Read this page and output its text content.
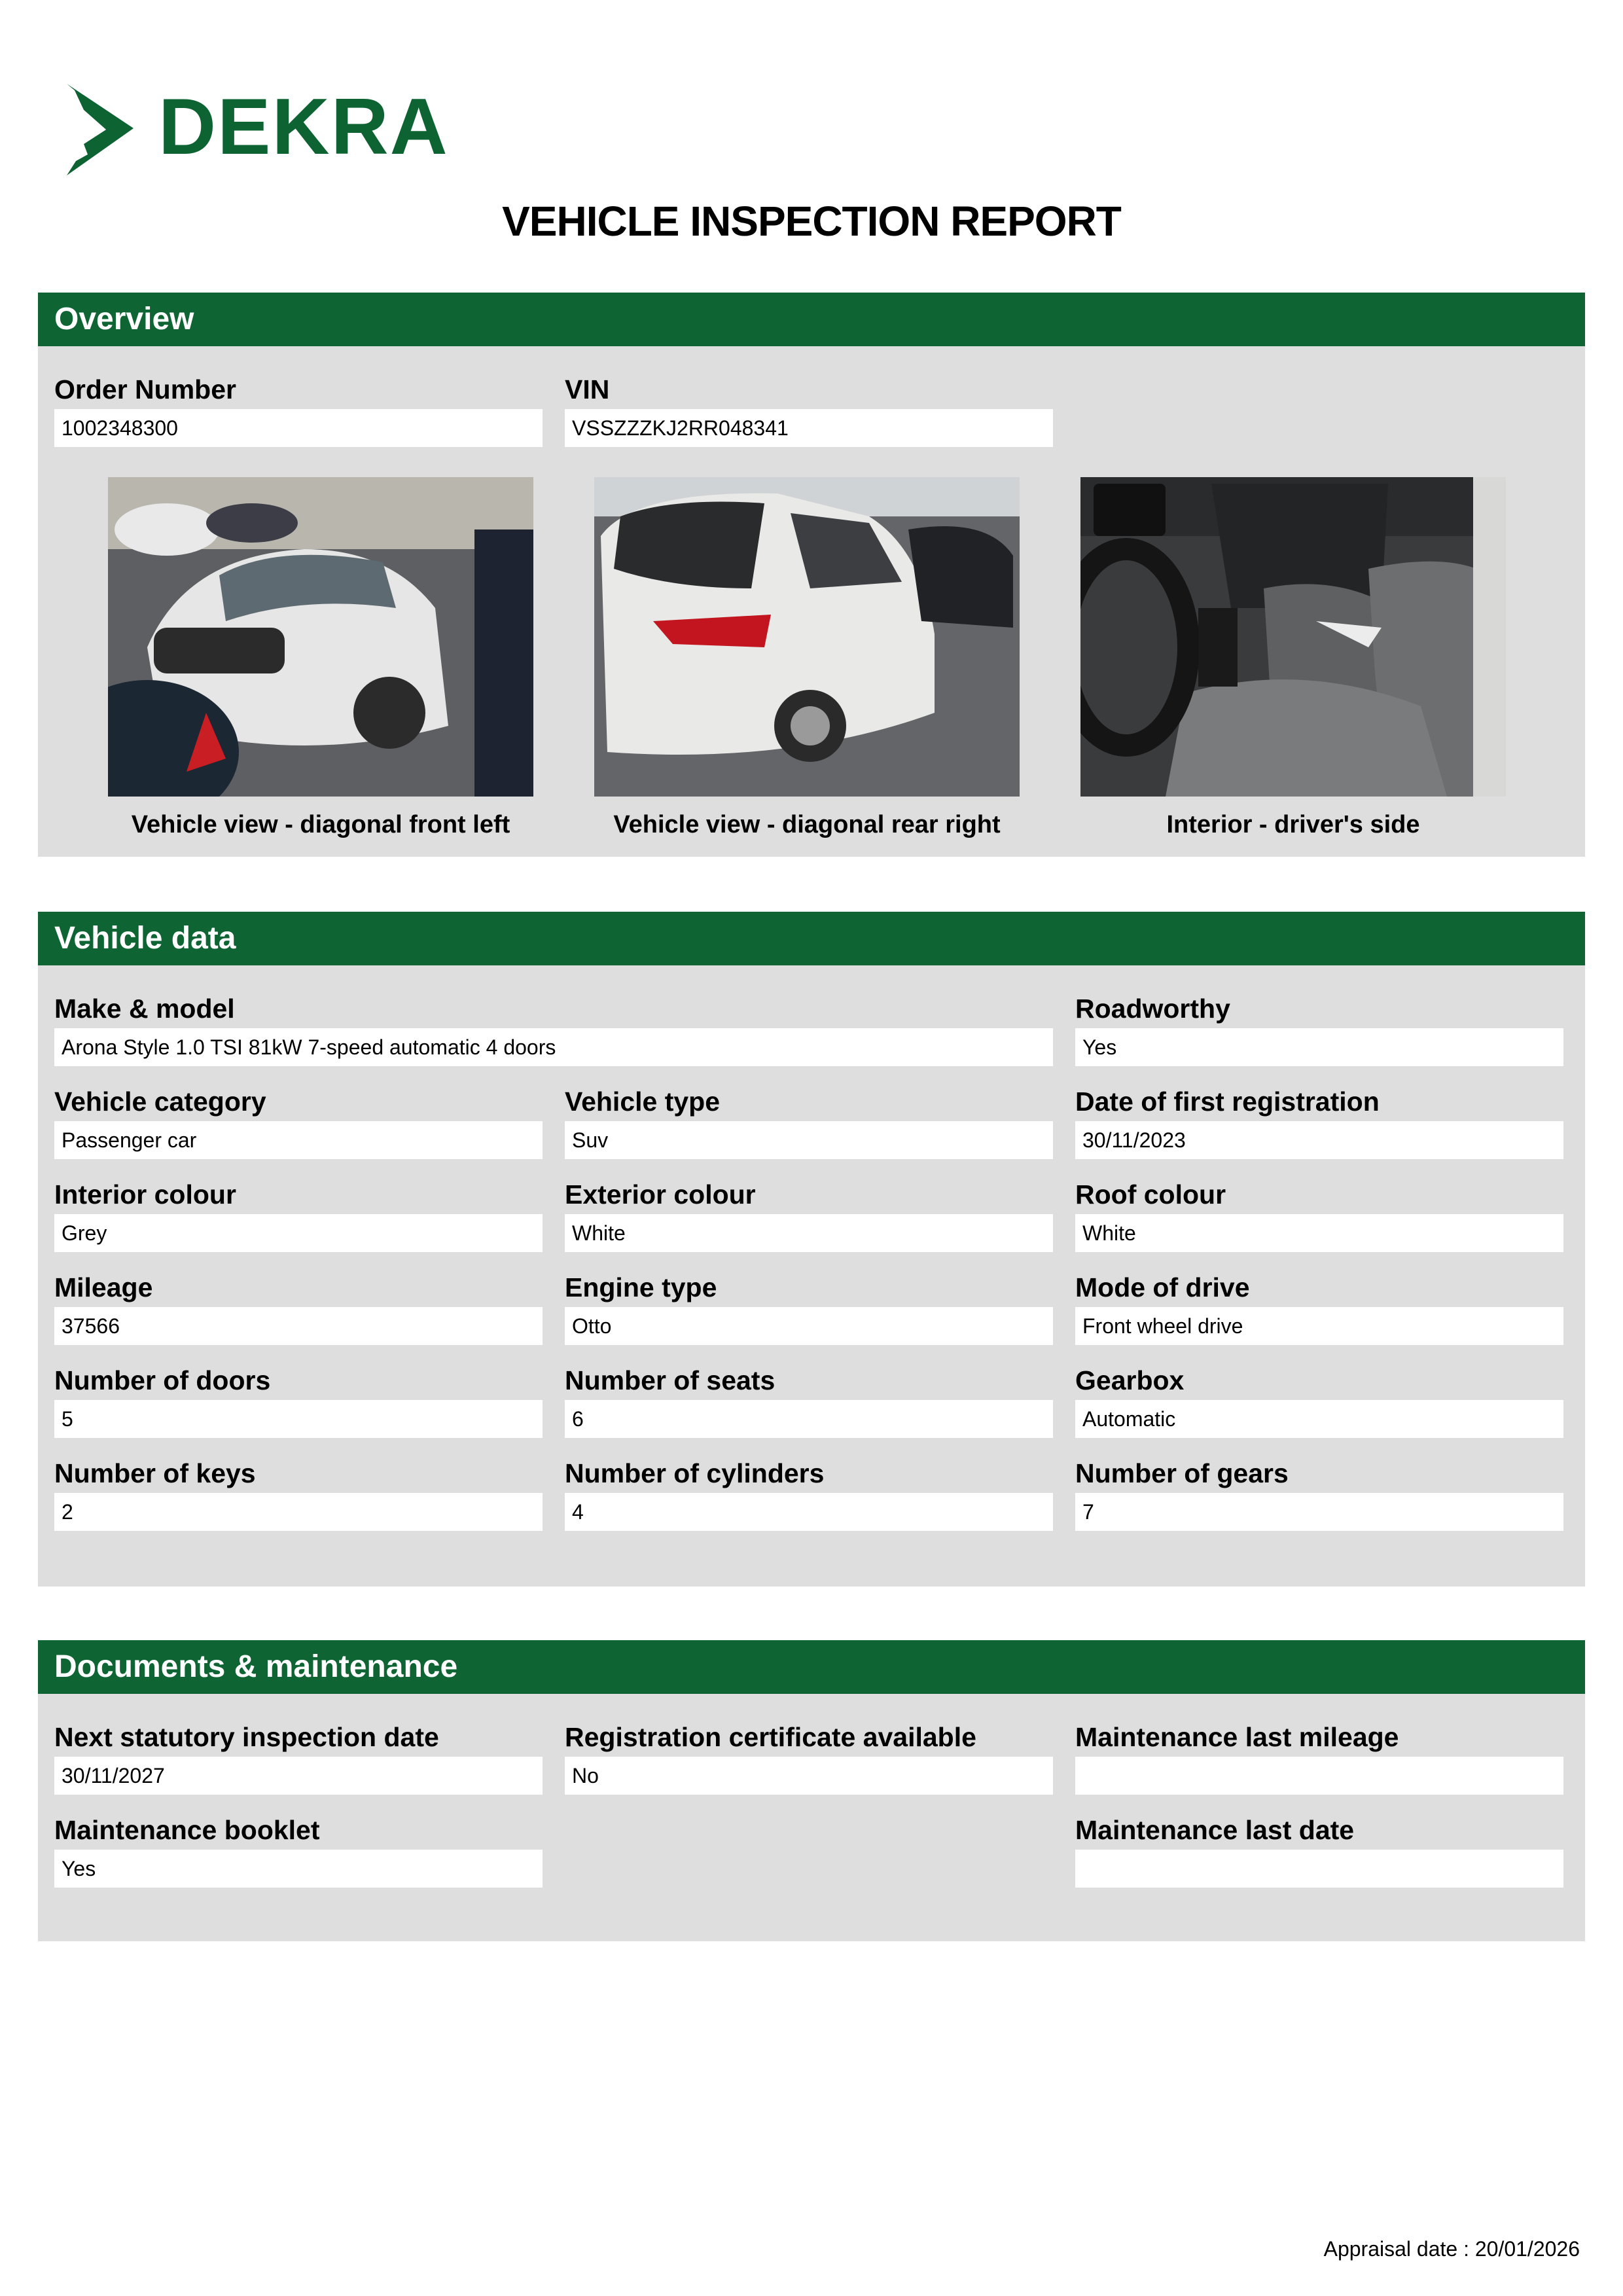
DEKRA
VEHICLE INSPECTION REPORT
Overview
Order Number
1002348300
VIN
VSSZZZKJ2RR048341
Vehicle view - diagonal front left	Vehicle view - diagonal rear right	Interior - driver's side
Vehicle data
Make & model
Arona Style 1.0 TSI 81kW 7-speed automatic 4 doors
Roadworthy
Yes
Vehicle category
Passenger car
Vehicle type
Suv
Date of first registration
30/11/2023
Interior colour
Grey
Exterior colour
White
Roof colour
White
Mileage
37566
Engine type
Otto
Mode of drive
Front wheel drive
Number of doors
5
Number of seats
6
Gearbox
Automatic
Number of keys
2
Number of cylinders
4
Number of gears
7
Documents & maintenance
Next statutory inspection date
30/11/2027
Registration certificate available
No
Maintenance last mileage
Maintenance booklet
Yes
Maintenance last date
Appraisal date : 20/01/2026
